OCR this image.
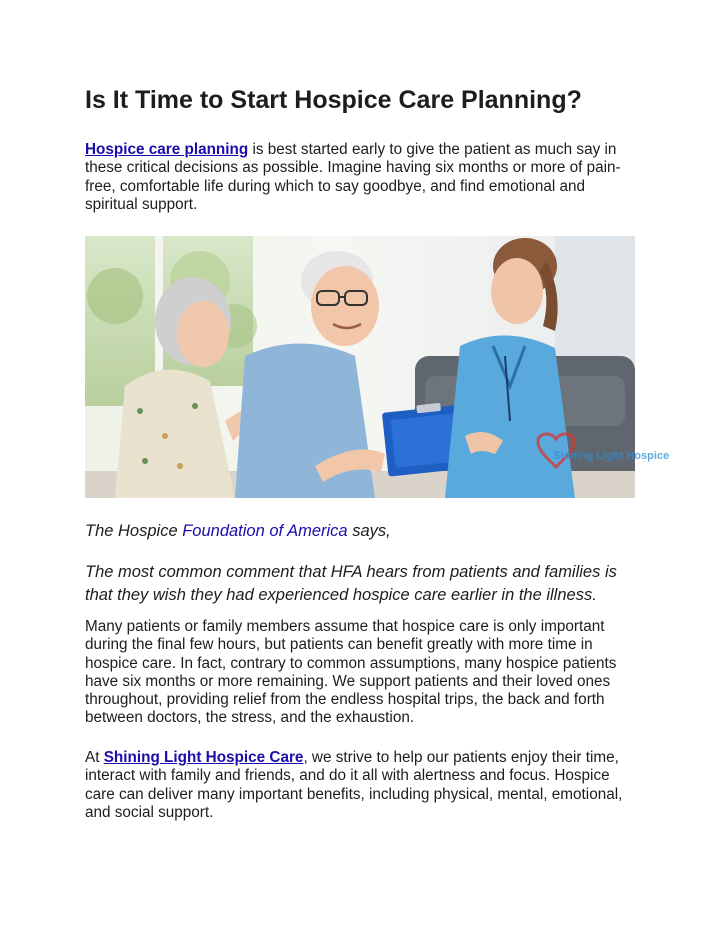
Is It Time to Start Hospice Care Planning?

Hospice care planning is best started early to give the patient as much say in these critical decisions as possible. Imagine having six months or more of pain-free, comfortable life during which to say goodbye, and find emotional and spiritual support.

Shining Light Hospice

The Hospice Foundation of America says,

The most common comment that HFA hears from patients and families is that they wish they had experienced hospice care earlier in the illness.

Many patients or family members assume that hospice care is only important during the final few hours, but patients can benefit greatly with more time in hospice care. In fact, contrary to common assumptions, many hospice patients have six months or more remaining. We support patients and their loved ones throughout, providing relief from the endless hospital trips, the back and forth between doctors, the stress, and the exhaustion.

At Shining Light Hospice Care, we strive to help our patients enjoy their time, interact with family and friends, and do it all with alertness and focus. Hospice care can deliver many important benefits, including physical, mental, emotional, and social support.
